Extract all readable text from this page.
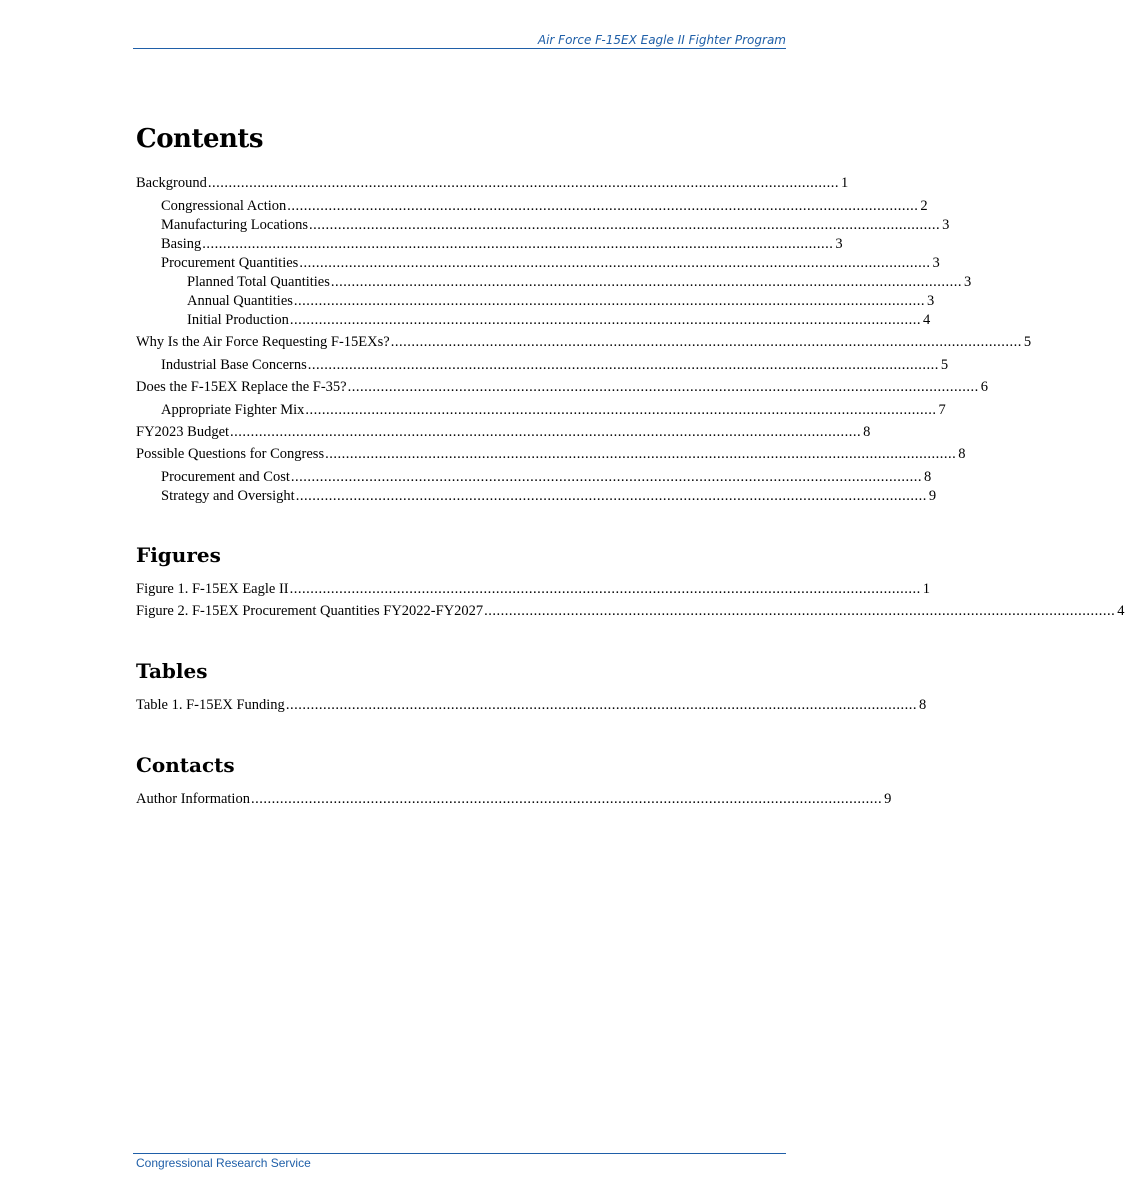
Air Force F-15EX Eagle II Fighter Program
Contents
Background ......................................................................................................................................................... 1
Congressional Action ......................................................................................................................................................... 2
Manufacturing Locations ......................................................................................................................................................... 3
Basing ......................................................................................................................................................... 3
Procurement Quantities ......................................................................................................................................................... 3
Planned Total Quantities ......................................................................................................................................................... 3
Annual Quantities ......................................................................................................................................................... 3
Initial Production ......................................................................................................................................................... 4
Why Is the Air Force Requesting F-15EXs? ......................................................................................................................................................... 5
Industrial Base Concerns ......................................................................................................................................................... 5
Does the F-15EX Replace the F-35? ......................................................................................................................................................... 6
Appropriate Fighter Mix ......................................................................................................................................................... 7
FY2023 Budget ......................................................................................................................................................... 8
Possible Questions for Congress ......................................................................................................................................................... 8
Procurement and Cost ......................................................................................................................................................... 8
Strategy and Oversight ......................................................................................................................................................... 9
Figures
Figure 1. F-15EX Eagle II ......................................................................................................................................................... 1
Figure 2. F-15EX Procurement Quantities FY2022-FY2027 ......................................................................................................................................................... 4
Tables
Table 1. F-15EX Funding ......................................................................................................................................................... 8
Contacts
Author Information ......................................................................................................................................................... 9
Congressional Research Service
